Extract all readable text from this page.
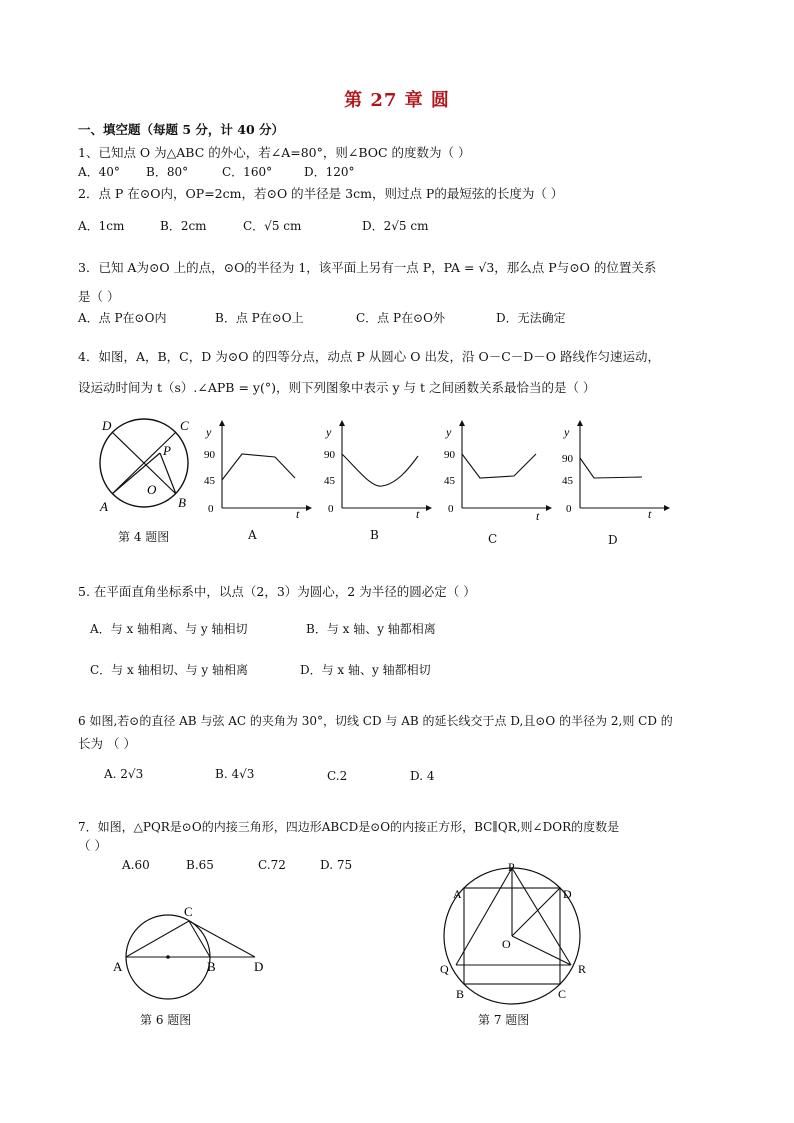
第 27 章 圆
一、填空题（每题 5 分，计 40 分）
1、已知点 O 为△ABC 的外心，若∠A=80°，则∠BOC 的度数为（ ）
A．40° B．80°	C．160°	D．120°
2．点 P 在⊙O内，OP=2cm，若⊙O 的半径是 3cm，则过点 P的最短弦的长度为（ ）
A．1cm	B．2cm	C．√5 cm	D．2√5 cm
3．已知 A为⊙O 上的点，⊙O的半径为 1，该平面上另有一点 P，PA = √3，那么点 P与⊙O 的位置关系
是（ ）
A．点 P在⊙O内	B．点 P在⊙O上	C．点 P在⊙O外	D．无法确定
4．如图，A，B，C，D 为⊙O 的四等分点，动点 P 从圆心 O 出发，沿 O－C－D－O 路线作匀速运动，
设运动时间为 t（s）.∠APB = y(°)，则下列图象中表示 y 与 t 之间函数关系最恰当的是（ ）
D	C
P
O
A	B
第 4 题图
y
90
45
0	t
A
y
90
45
0	t
B
y
90
45
0	t
C
y
90
45
0	t
D
5. 在平面直角坐标系中，以点（2，3）为圆心，2 为半径的圆必定（ ）
A．与 x 轴相离、与 y 轴相切	B．与 x 轴、y 轴都相离
C．与 x 轴相切、与 y 轴相离	D．与 x 轴、y 轴都相切
6 如图,若⊙的直径 AB 与弦 AC 的夹角为 30°，切线 CD 与 AB 的延长线交于点 D,且⊙O 的半径为 2,则 CD 的
长为 （ ）
A. 2√3	B. 4√3	C.2	D. 4
7．如图，△PQR是⊙O的内接三角形，四边形ABCD是⊙O的内接正方形，BC∥QR,则∠DOR的度数是
（ ）
A.60	B.65	C.72	D. 75
C
A	B	D
第 6 题图
P
A	D
O
Q	R
B	C
第 7 题图
